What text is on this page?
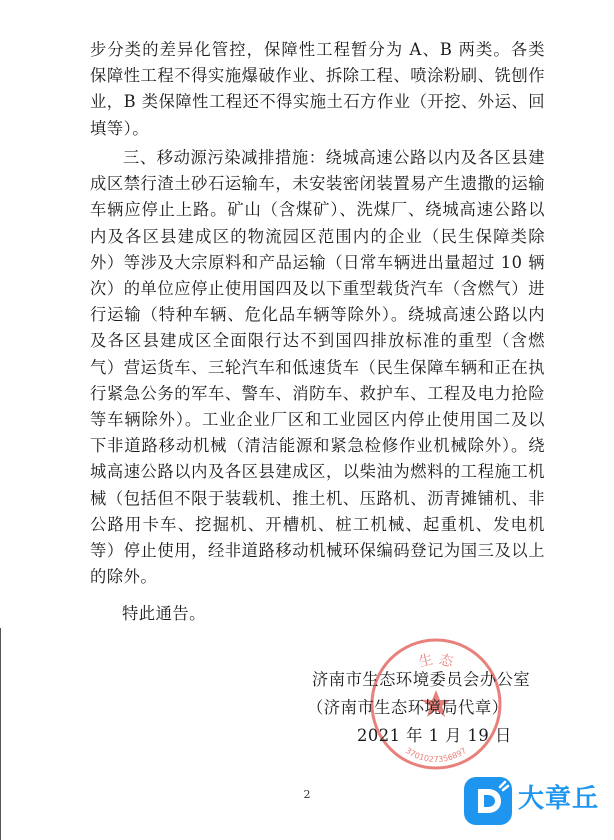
步分类的差异化管控，保障性工程暂分为 A、B 两类。各类保障性工程不得实施爆破作业、拆除工程、喷涂粉刷、铣刨作业，B 类保障性工程还不得实施土石方作业（开挖、外运、回填等）。

三、移动源污染减排措施：绕城高速公路以内及各区县建成区禁行渣土砂石运输车，未安装密闭装置易产生遗撒的运输车辆应停止上路。矿山（含煤矿）、洗煤厂、绕城高速公路以内及各区县建成区的物流园区范围内的企业（民生保障类除外）等涉及大宗原料和产品运输（日常车辆进出量超过 10 辆次）的单位应停止使用国四及以下重型载货汽车（含燃气）进行运输（特种车辆、危化品车辆等除外）。绕城高速公路以内及各区县建成区全面限行达不到国四排放标准的重型（含燃气）营运货车、三轮汽车和低速货车（民生保障车辆和正在执行紧急公务的军车、警车、消防车、救护车、工程及电力抢险等车辆除外）。工业企业厂区和工业园区内停止使用国二及以下非道路移动机械（清洁能源和紧急检修作业机械除外）。绕城高速公路以内及各区县建成区，以柴油为燃料的工程施工机械（包括但不限于装载机、推土机、压路机、沥青摊铺机、非公路用卡车、挖掘机、开槽机、桩工机械、起重机、发电机等）停止使用，经非道路移动机械环保编码登记为国三及以上的除外。

特此通告。

生 态
3701027356897

济南市生态环境委员会办公室

（济南市生态环境局代章）

2021 年 1 月 19 日

2	大章丘
